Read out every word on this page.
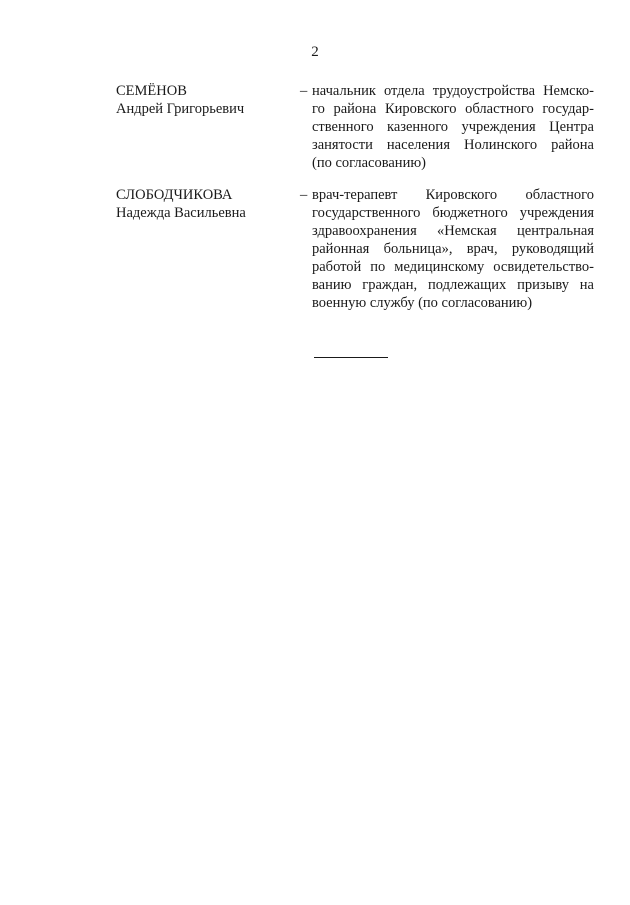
2
СЕМЁНОВ
Андрей Григорьевич
– начальник отдела трудоустройства Немско-
го района Кировского областного государ-
ственного казенного учреждения Центра
занятости населения Нолинского района
(по согласованию)
СЛОБОДЧИКОВА
Надежда Васильевна
– врач-терапевт Кировского областного
государственного бюджетного учреждения
здравоохранения «Немская центральная
районная больница», врач, руководящий
работой по медицинскому освидетельство-
ванию граждан, подлежащих призыву на
военную службу (по согласованию)
